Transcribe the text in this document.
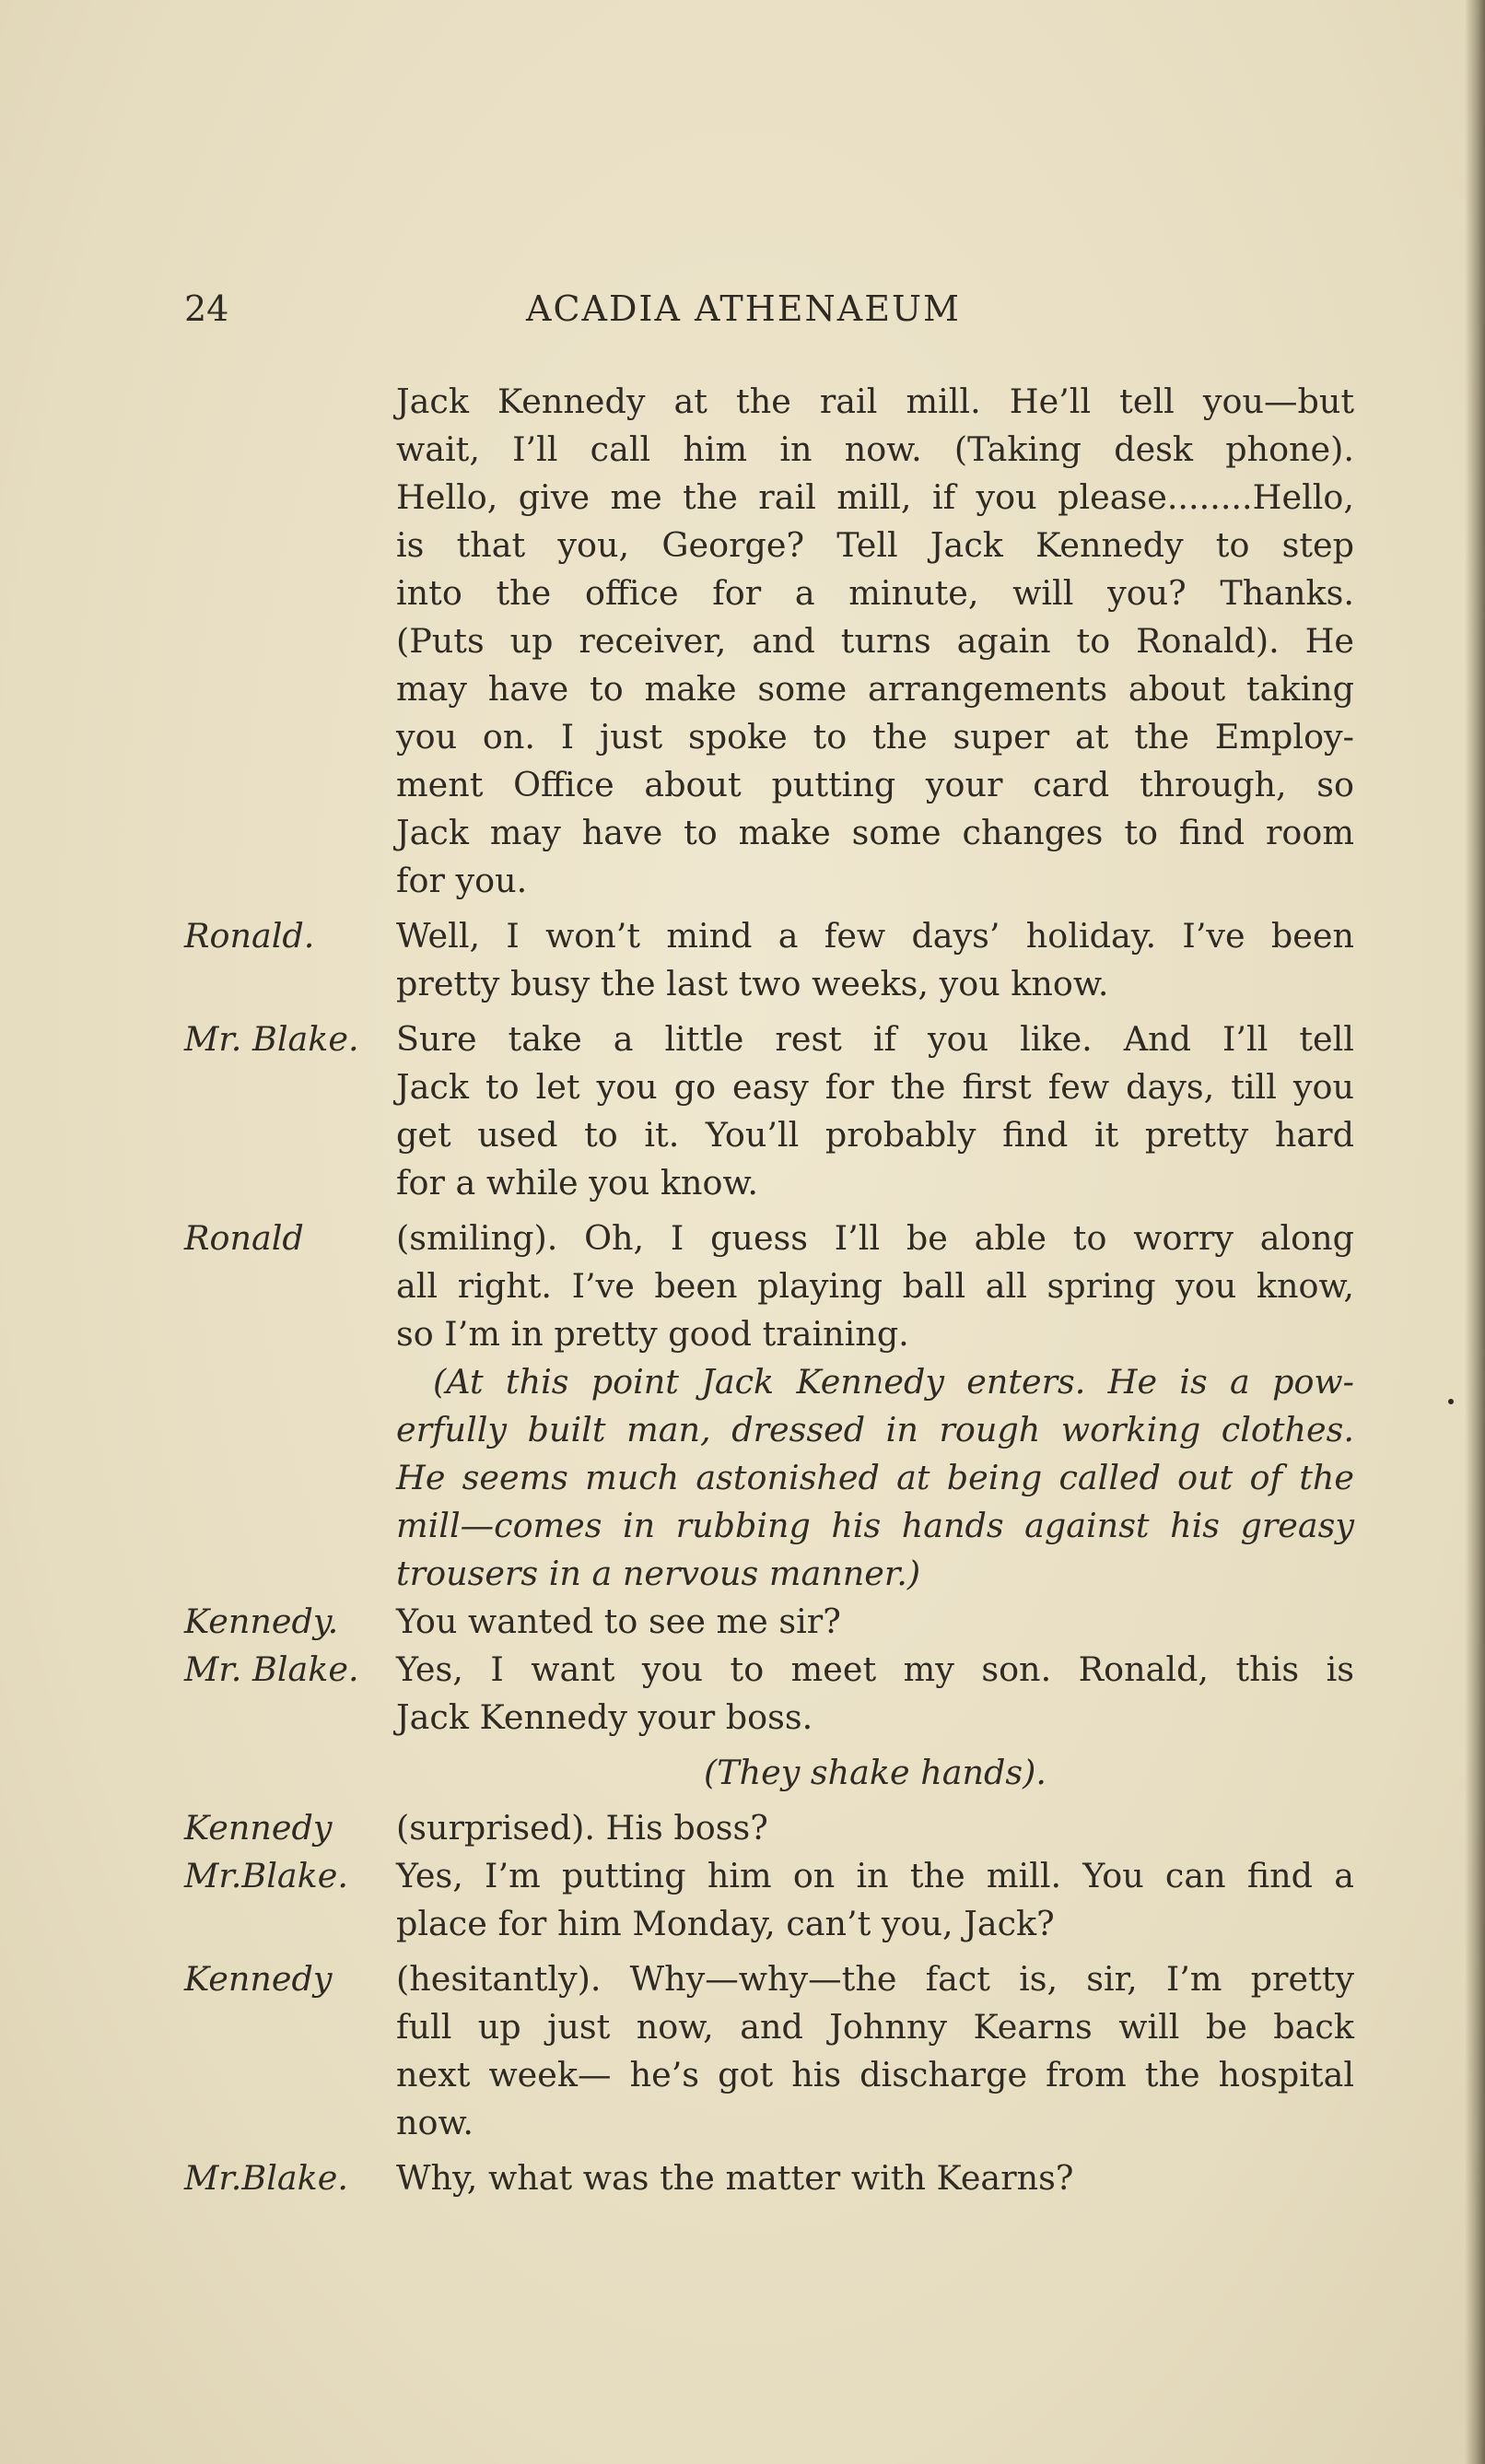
24	ACADIA ATHENAEUM
Jack Kennedy at the rail mill. He’ll tell you—but
wait, I’ll call him in now. (Taking desk phone).
Hello, give me the rail mill, if you please........Hello,
is that you, George? Tell Jack Kennedy to step
into the office for a minute, will you? Thanks.
(Puts up receiver, and turns again to Ronald). He
may have to make some arrangements about taking
you on. I just spoke to the super at the Employ-
ment Office about putting your card through, so
Jack may have to make some changes to find room
for you.
Ronald.	Well, I won’t mind a few days’ holiday. I’ve been
pretty busy the last two weeks, you know.
Mr. Blake.	Sure take a little rest if you like. And I’ll tell
Jack to let you go easy for the first few days, till you
get used to it. You’ll probably find it pretty hard
for a while you know.
Ronald	(smiling). Oh, I guess I’ll be able to worry along
all right. I’ve been playing ball all spring you know,
so I’m in pretty good training.
(At this point Jack Kennedy enters. He is a pow-
erfully built man, dressed in rough working clothes.
He seems much astonished at being called out of the
mill—comes in rubbing his hands against his greasy
trousers in a nervous manner.)
Kennedy.	You wanted to see me sir?
Mr. Blake.	Yes, I want you to meet my son. Ronald, this is
Jack Kennedy your boss.
(They shake hands).
Kennedy	(surprised). His boss?
Mr.Blake.	Yes, I’m putting him on in the mill. You can find a
place for him Monday, can’t you, Jack?
Kennedy	(hesitantly). Why—why—the fact is, sir, I’m pretty
full up just now, and Johnny Kearns will be back
next week— he’s got his discharge from the hospital
now.
Mr.Blake.	Why, what was the matter with Kearns?
